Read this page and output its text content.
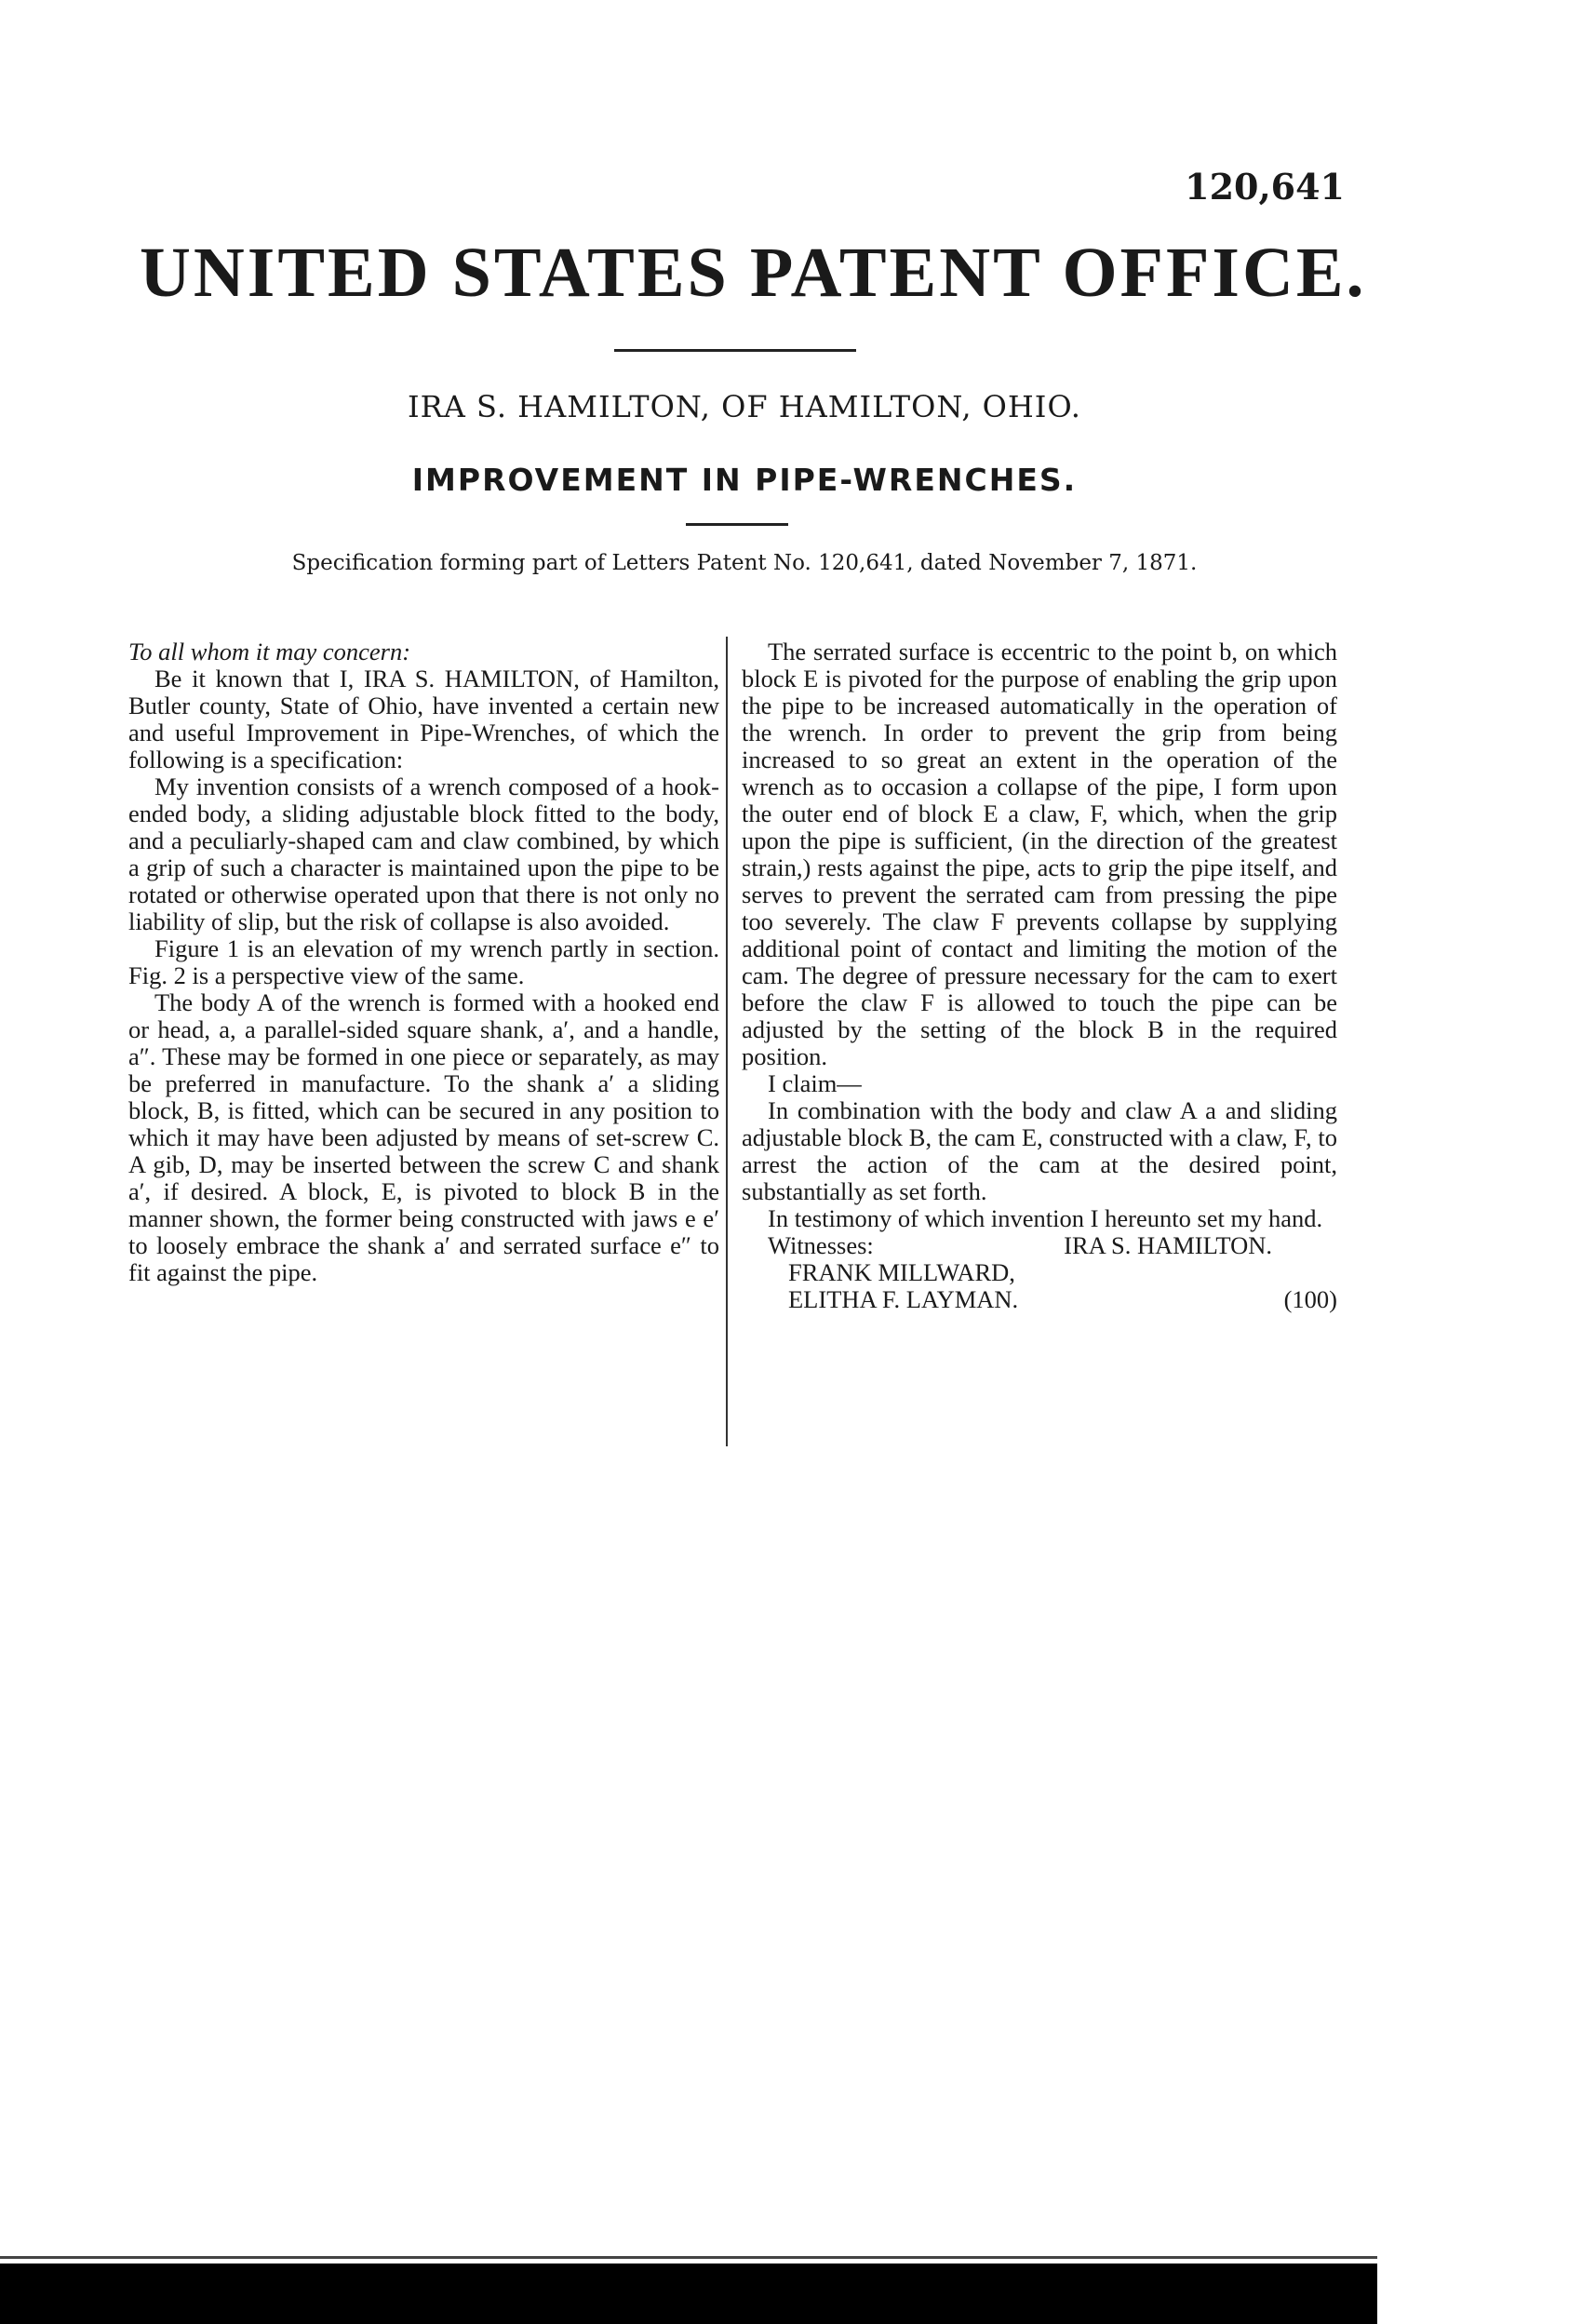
120,641
UNITED STATES PATENT OFFICE.
IRA S. HAMILTON, OF HAMILTON, OHIO.
IMPROVEMENT IN PIPE-WRENCHES.
Specification forming part of Letters Patent No. 120,641, dated November 7, 1871.

To all whom it may concern:

Be it known that I, IRA S. HAMILTON, of Hamilton, Butler county, State of Ohio, have invented a certain new and useful Improvement in Pipe-Wrenches, of which the following is a specification:

My invention consists of a wrench composed of a hook-ended body, a sliding adjustable block fitted to the body, and a peculiarly-shaped cam and claw combined, by which a grip of such a character is maintained upon the pipe to be rotated or otherwise operated upon that there is not only no liability of slip, but the risk of collapse is also avoided.

Figure 1 is an elevation of my wrench partly in section. Fig. 2 is a perspective view of the same.

The body A of the wrench is formed with a hooked end or head, a, a parallel-sided square shank, a′, and a handle, a″. These may be formed in one piece or separately, as may be preferred in manufacture. To the shank a′ a sliding block, B, is fitted, which can be secured in any position to which it may have been adjusted by means of set-screw C. A gib, D, may be inserted between the screw C and shank a′, if desired. A block, E, is pivoted to block B in the manner shown, the former being constructed with jaws e e′ to loosely embrace the shank a′ and serrated surface e″ to fit against the pipe.

The serrated surface is eccentric to the point b, on which block E is pivoted for the purpose of enabling the grip upon the pipe to be increased automatically in the operation of the wrench. In order to prevent the grip from being increased to so great an extent in the operation of the wrench as to occasion a collapse of the pipe, I form upon the outer end of block E a claw, F, which, when the grip upon the pipe is sufficient, (in the direction of the greatest strain,) rests against the pipe, acts to grip the pipe itself, and serves to prevent the serrated cam from pressing the pipe too severely. The claw F prevents collapse by supplying additional point of contact and limiting the motion of the cam. The degree of pressure necessary for the cam to exert before the claw F is allowed to touch the pipe can be adjusted by the setting of the block B in the required position.

I claim—

In combination with the body and claw A a and sliding adjustable block B, the cam E, constructed with a claw, F, to arrest the action of the cam at the desired point, substantially as set forth.

In testimony of which invention I hereunto set my hand.

Witnesses:	IRA S. HAMILTON.

FRANK MILLWARD,

ELITHA F. LAYMAN.	(100)
